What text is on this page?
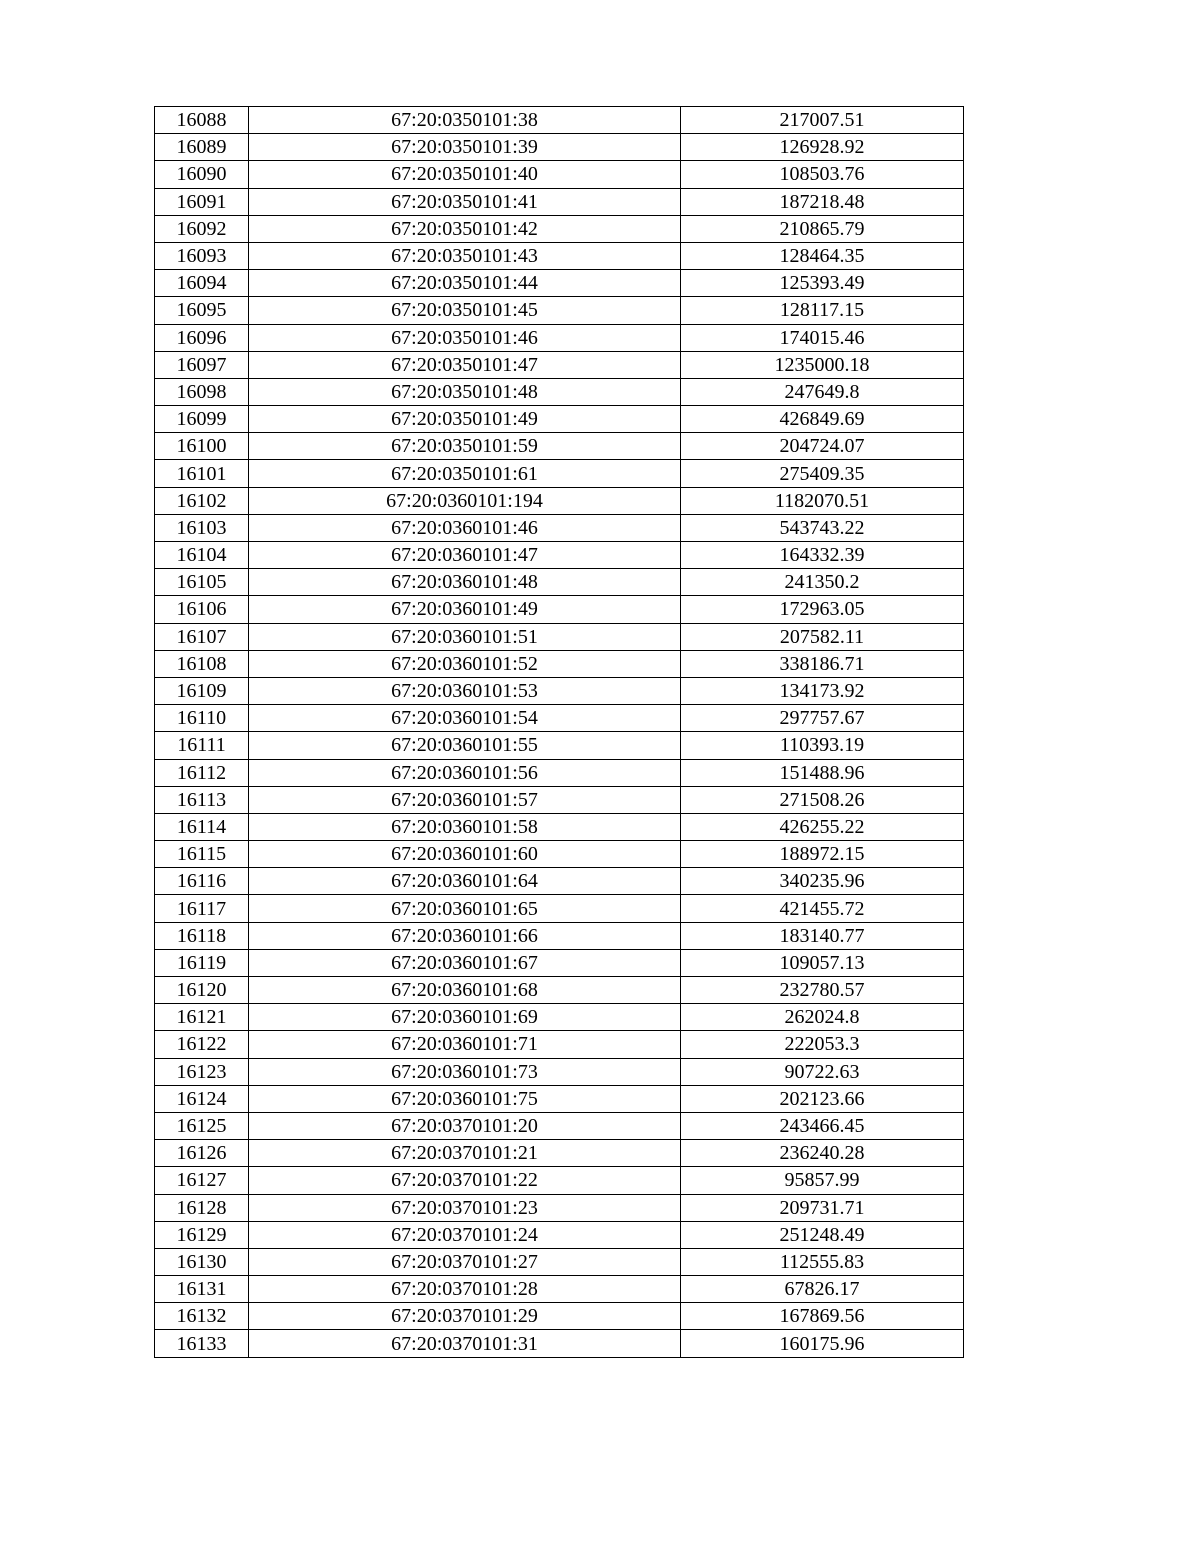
16088	67:20:0350101:38	217007.51
16089	67:20:0350101:39	126928.92
16090	67:20:0350101:40	108503.76
16091	67:20:0350101:41	187218.48
16092	67:20:0350101:42	210865.79
16093	67:20:0350101:43	128464.35
16094	67:20:0350101:44	125393.49
16095	67:20:0350101:45	128117.15
16096	67:20:0350101:46	174015.46
16097	67:20:0350101:47	1235000.18
16098	67:20:0350101:48	247649.8
16099	67:20:0350101:49	426849.69
16100	67:20:0350101:59	204724.07
16101	67:20:0350101:61	275409.35
16102	67:20:0360101:194	1182070.51
16103	67:20:0360101:46	543743.22
16104	67:20:0360101:47	164332.39
16105	67:20:0360101:48	241350.2
16106	67:20:0360101:49	172963.05
16107	67:20:0360101:51	207582.11
16108	67:20:0360101:52	338186.71
16109	67:20:0360101:53	134173.92
16110	67:20:0360101:54	297757.67
16111	67:20:0360101:55	110393.19
16112	67:20:0360101:56	151488.96
16113	67:20:0360101:57	271508.26
16114	67:20:0360101:58	426255.22
16115	67:20:0360101:60	188972.15
16116	67:20:0360101:64	340235.96
16117	67:20:0360101:65	421455.72
16118	67:20:0360101:66	183140.77
16119	67:20:0360101:67	109057.13
16120	67:20:0360101:68	232780.57
16121	67:20:0360101:69	262024.8
16122	67:20:0360101:71	222053.3
16123	67:20:0360101:73	90722.63
16124	67:20:0360101:75	202123.66
16125	67:20:0370101:20	243466.45
16126	67:20:0370101:21	236240.28
16127	67:20:0370101:22	95857.99
16128	67:20:0370101:23	209731.71
16129	67:20:0370101:24	251248.49
16130	67:20:0370101:27	112555.83
16131	67:20:0370101:28	67826.17
16132	67:20:0370101:29	167869.56
16133	67:20:0370101:31	160175.96
